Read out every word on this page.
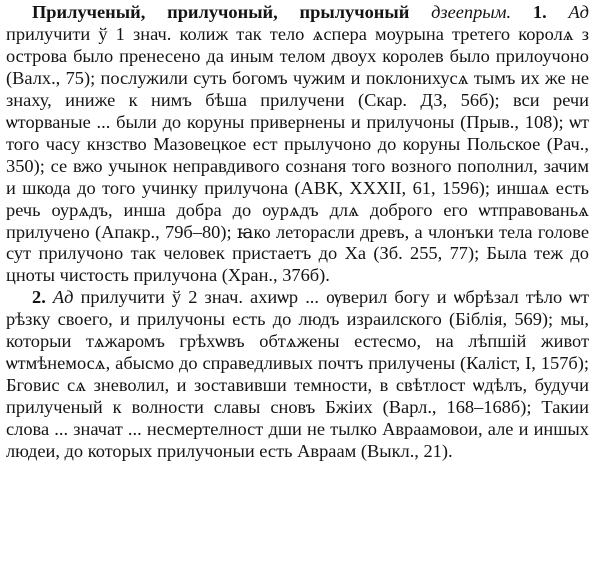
Прилученый, прилучоный, прылучоный дзеепрым. 1. Ад прилучити ў 1 знач. колиж так тело ѧспера моурына третего королѧ з острова было пренесено да иным телом двоух королев было прилоучоно (Валх., 75); послужили суть богомъ чужим и поклонихусѧ тымъ их же не знаху, иниже к нимъ бѣша прилучени (Скар. ДЗ, 56б); вси речи ѡторваные ... были до коруны привернены и прилучоны (Прыв., 108); ѡт того часу кнзство Мазовецкое ест прылучоно до коруны Польское (Рач., 350); се вжо учынок неправдивого сознаня того возного пополнил, зачим и шкода до того учинку прилучона (АВК, XXXII, 61, 1596); иншаѧ есть речь оурѧдъ, инша добра до оурѧдъ длѧ доброго его ѡтправованьѧ прилучено (Апакр., 79б–80); ꙗко леторасли древъ, а члонъки тела голове сут прилучоно так человек пристаетъ до Ха (Зб. 255, 77); Была теж до цноты чистость прилучона (Хран., 376б).

2. Ад прилучити ў 2 знач. ахиѡр ... ѹверил богу и ѡбрѣзал тѣло ѡт рѣзку своего, и прилучоны есть до людъ израилского (Біблія, 569); мы, которыи тѧжаромъ грѣхѡвъ обтѧжены естесмо, на лѣпшій живот ѡтмѣнемосѧ, абысмо до справедливых почтъ прилучены (Каліст, I, 157б); Бговис сѧ зневолил, и зоставивши темности, в свѣтлост ѡдѣлъ, будучи прилученый к волности славы сновъ Бжіих (Варл., 168–168б); Такии слова ... значат ... несмертелност дши не тылко Авраамовои, але и иншых людеи, до которых прилучоныи есть Авраам (Выкл., 21).
